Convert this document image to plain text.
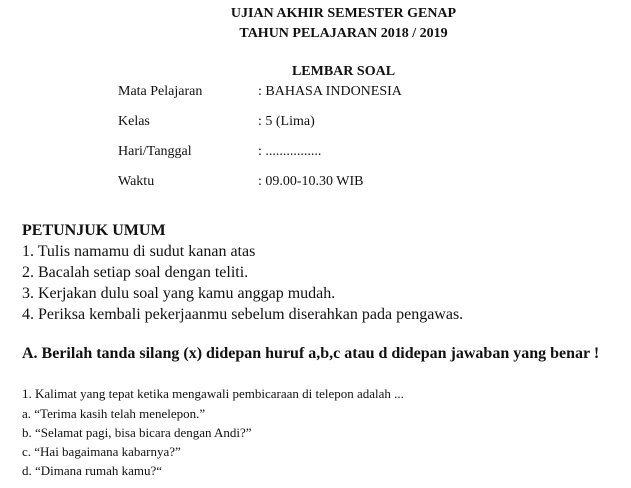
UJIAN AKHIR SEMESTER GENAP
TAHUN PELAJARAN 2018 / 2019
LEMBAR SOAL
Mata Pelajaran	: BAHASA INDONESIA
Kelas	: 5 (Lima)
Hari/Tanggal	: ................
Waktu	: 09.00-10.30 WIB
PETUNJUK UMUM
1. Tulis namamu di sudut kanan atas
2. Bacalah setiap soal dengan teliti.
3. Kerjakan dulu soal yang kamu anggap mudah.
4. Periksa kembali pekerjaanmu sebelum diserahkan pada pengawas.
A. Berilah tanda silang (x) didepan huruf a,b,c atau d didepan jawaban yang benar !
1. Kalimat yang tepat ketika mengawali pembicaraan di telepon adalah ...
a. “Terima kasih telah menelepon.”
b. “Selamat pagi, bisa bicara dengan Andi?”
c. “Hai bagaimana kabarnya?”
d. “Dimana rumah kamu?“
